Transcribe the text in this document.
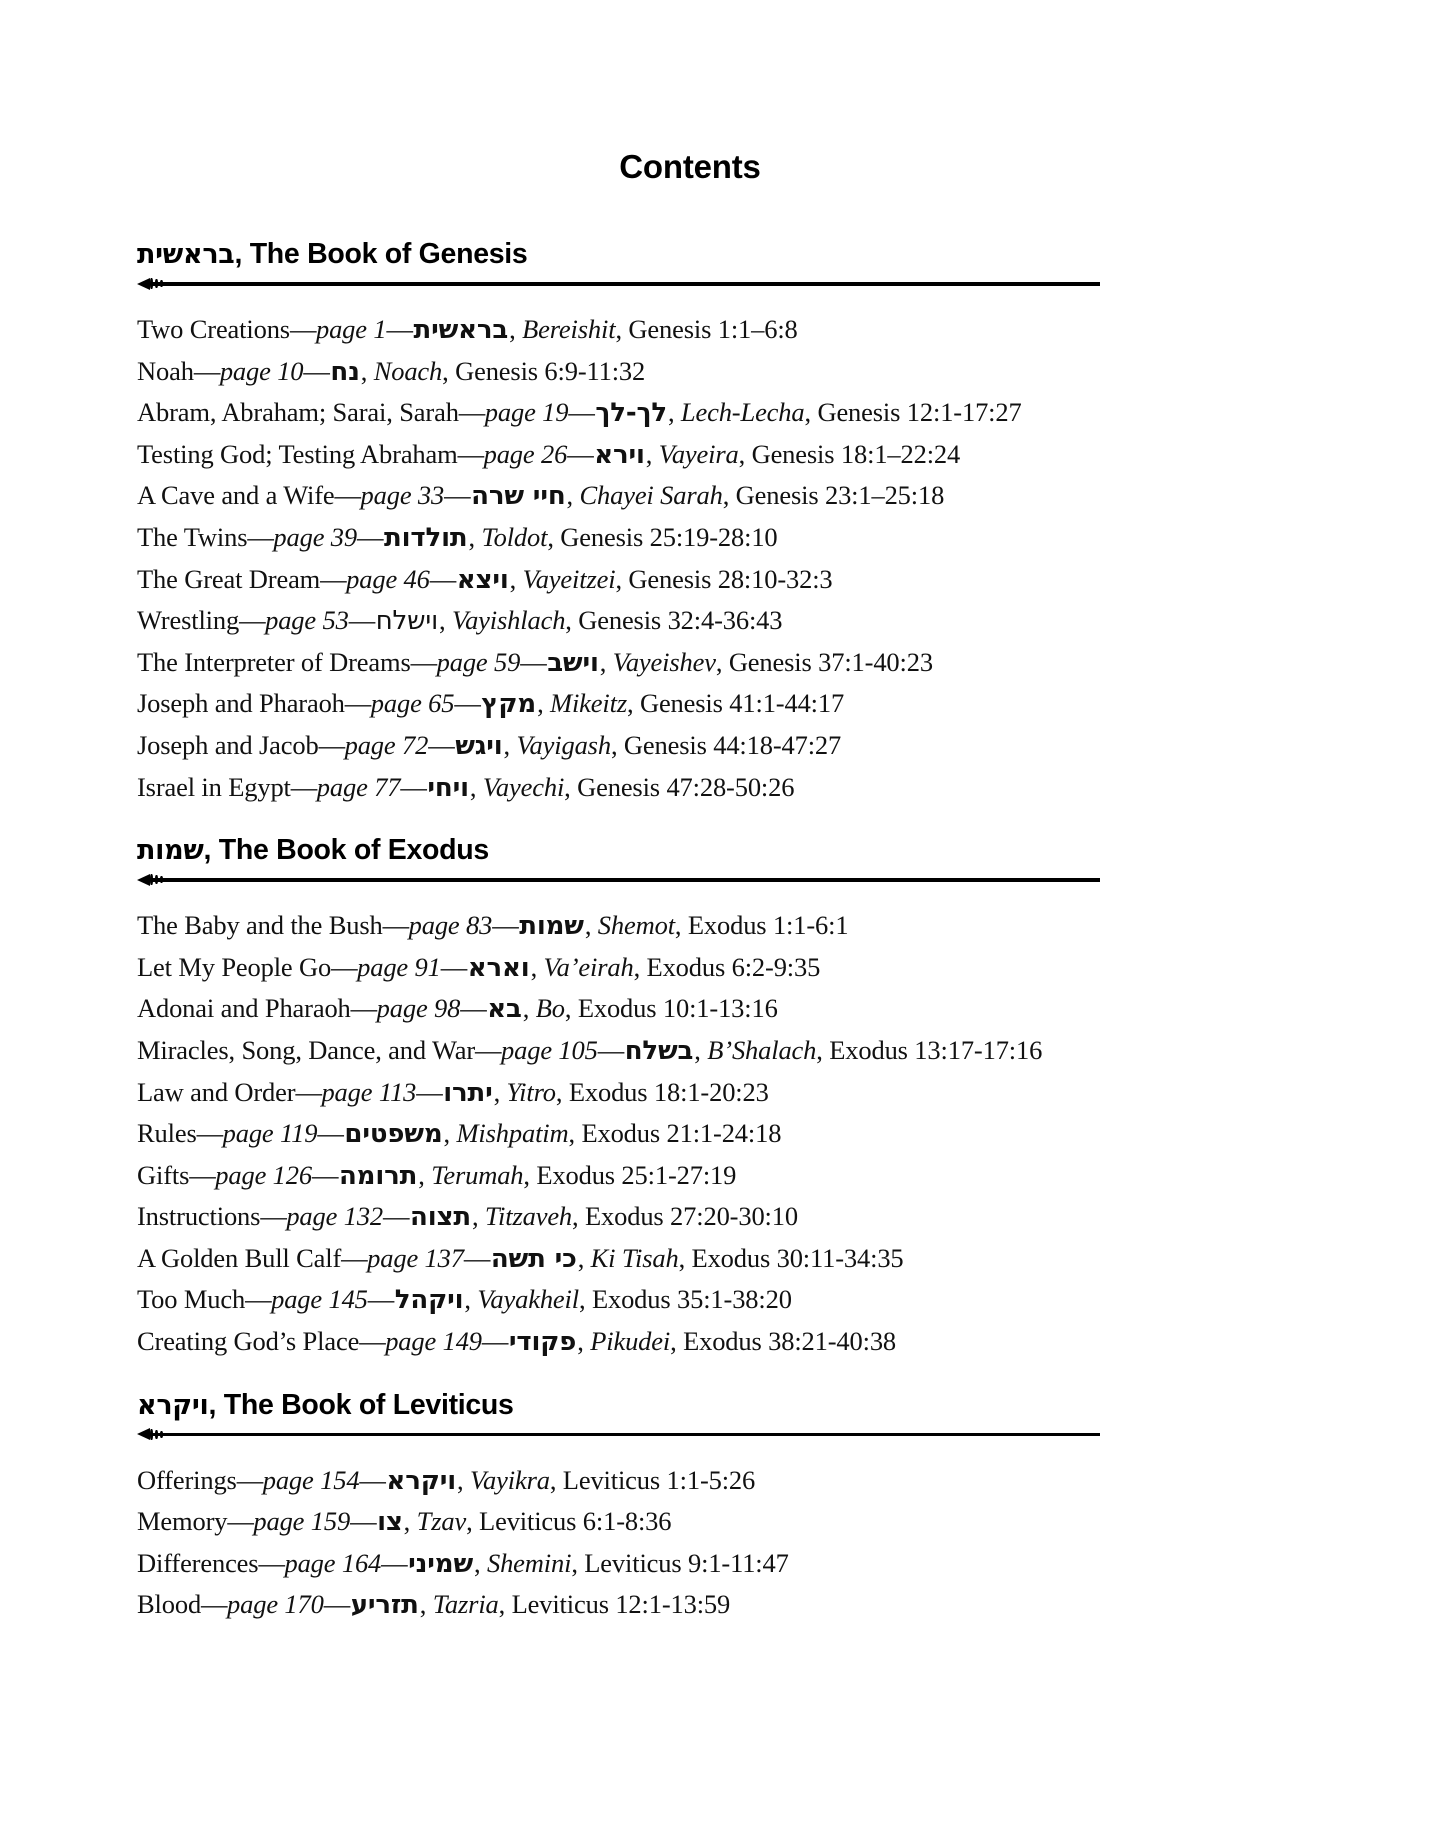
Contents
בראשית, The Book of Genesis
Two Creations—page 1—בראשית, Bereishit, Genesis 1:1–6:8
Noah—page 10—נח, Noach, Genesis 6:9-11:32
Abram, Abraham; Sarai, Sarah—page 19—לך‐לך, Lech-Lecha, Genesis 12:1-17:27
Testing God; Testing Abraham—page 26—וירא, Vayeira, Genesis 18:1–22:24
A Cave and a Wife—page 33—חיי שרה, Chayei Sarah, Genesis 23:1–25:18
The Twins—page 39—תולדות, Toldot, Genesis 25:19-28:10
The Great Dream—page 46—ויצא, Vayeitzei, Genesis 28:10-32:3
Wrestling—page 53—וישלח, Vayishlach, Genesis 32:4-36:43
The Interpreter of Dreams—page 59—וישב, Vayeishev, Genesis 37:1-40:23
Joseph and Pharaoh—page 65—מקץ, Mikeitz, Genesis 41:1-44:17
Joseph and Jacob—page 72—ויגש, Vayigash, Genesis 44:18-47:27
Israel in Egypt—page 77—ויחי, Vayechi, Genesis 47:28-50:26
שמות, The Book of Exodus
The Baby and the Bush—page 83—שמות, Shemot, Exodus 1:1-6:1
Let My People Go—page 91—וארא, Va’eirah, Exodus 6:2-9:35
Adonai and Pharaoh—page 98—בא, Bo, Exodus 10:1-13:16
Miracles, Song, Dance, and War—page 105—בשלח, B’Shalach, Exodus 13:17-17:16
Law and Order—page 113—יתרו, Yitro, Exodus 18:1-20:23
Rules—page 119—משפטים, Mishpatim, Exodus 21:1-24:18
Gifts—page 126—תרומה, Terumah, Exodus 25:1-27:19
Instructions—page 132—תצוה, Titzaveh, Exodus 27:20-30:10
A Golden Bull Calf—page 137—כי תשה, Ki Tisah, Exodus 30:11-34:35
Too Much—page 145—ויקהל, Vayakheil, Exodus 35:1-38:20
Creating God’s Place—page 149—פקודי, Pikudei, Exodus 38:21-40:38
ויקרא, The Book of Leviticus
Offerings—page 154—ויקרא, Vayikra, Leviticus 1:1-5:26
Memory—page 159—צו, Tzav, Leviticus 6:1-8:36
Differences—page 164—שמיני, Shemini, Leviticus 9:1-11:47
Blood—page 170—תזריע, Tazria, Leviticus 12:1-13:59
